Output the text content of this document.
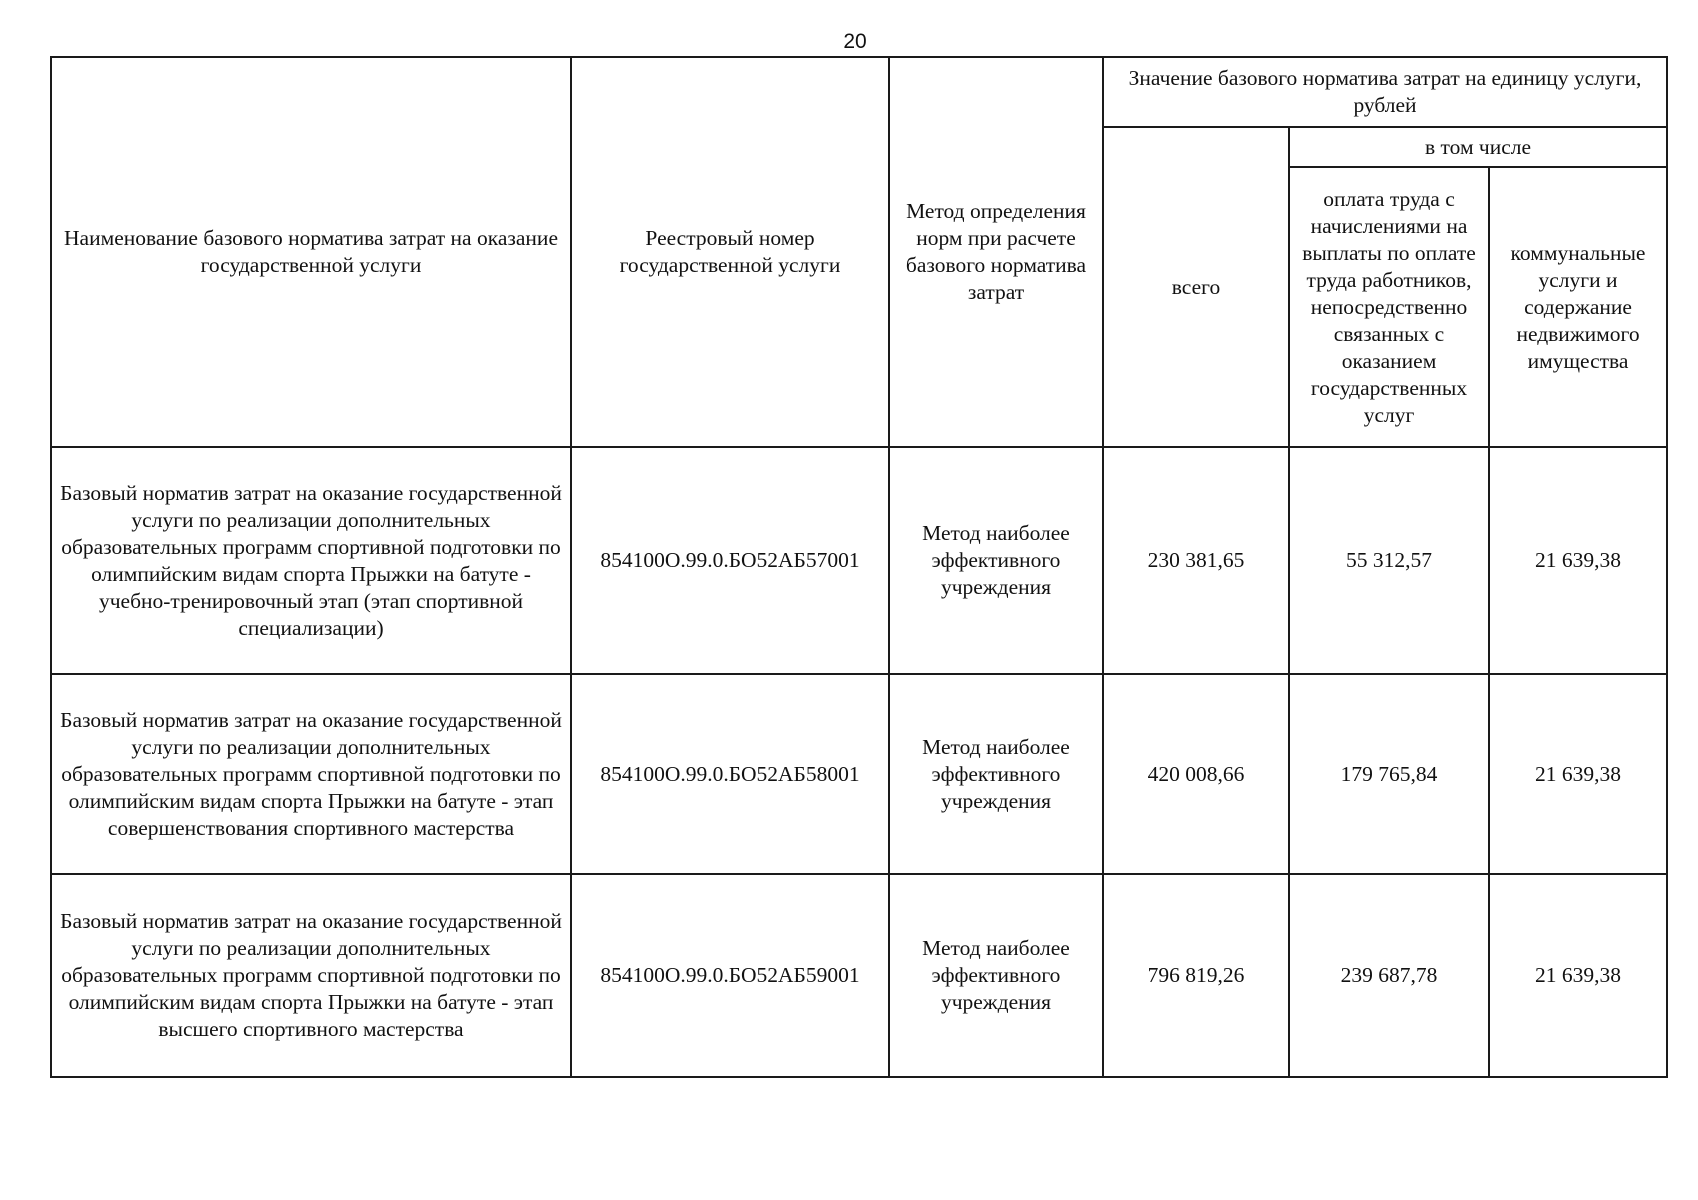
20
Наименование базового норматива затрат на оказание государственной услуги	Реестровый номер государственной услуги	Метод определения норм при расчете базового норматива затрат	Значение базового норматива затрат на единицу услуги, рублей		

			всего	в том числе	

				оплата труда с начислениями на выплаты по оплате труда работников, непосредственно связанных с оказанием государственных услуг	коммунальные услуги и содержание недвижимого имущества

Базовый норматив затрат на оказание государственной услуги по реализации дополнительных образовательных программ спортивной подготовки по олимпийским видам спорта Прыжки на батуте - учебно-тренировочный этап (этап спортивной специализации)	854100О.99.0.БО52АБ57001	Метод наиболее эффективного учреждения	230 381,65	55 312,57	21 639,38
Базовый норматив затрат на оказание государственной услуги по реализации дополнительных образовательных программ спортивной подготовки по олимпийским видам спорта Прыжки на батуте - этап совершенствования спортивного мастерства	854100О.99.0.БО52АБ58001	Метод наиболее эффективного учреждения	420 008,66	179 765,84	21 639,38
Базовый норматив затрат на оказание государственной услуги по реализации дополнительных образовательных программ спортивной подготовки по олимпийским видам спорта Прыжки на батуте - этап высшего спортивного мастерства	854100О.99.0.БО52АБ59001	Метод наиболее эффективного учреждения	796 819,26	239 687,78	21 639,38
